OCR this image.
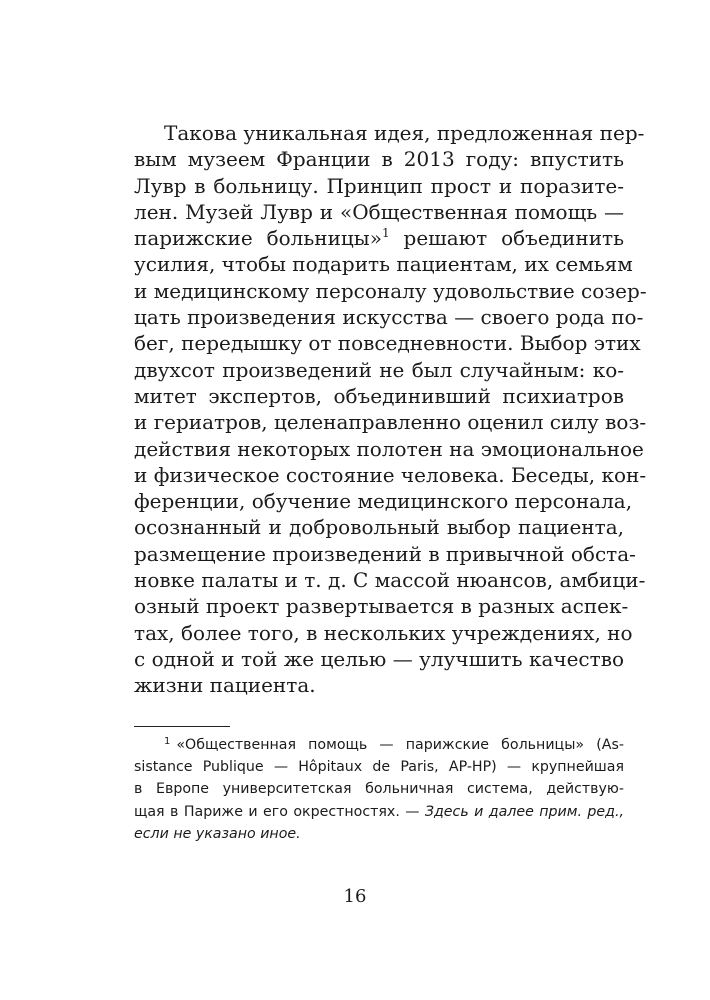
Такова уникальная идея, предложенная пер-
вым музеем Франции в 2013 году: впустить
Лувр в больницу. Принцип прост и поразите-
лен. Музей Лувр и «Общественная помощь —
парижские больницы»$^1$ решают объединить
усилия, чтобы подарить пациентам, их семьям
и медицинскому персоналу удовольствие созер-
цать произведения искусства — своего рода по-
бег, передышку от повседневности. Выбор этих
двухсот произведений не был случайным: ко-
митет экспертов, объединивший психиатров
и гериатров, целенаправленно оценил силу воз-
действия некоторых полотен на эмоциональное
и физическое состояние человека. Беседы, кон-
ференции, обучение медицинского персонала,
осознанный и добровольный выбор пациента,
размещение произведений в привычной обста-
новке палаты и т. д. С массой нюансов, амбици-
озный проект развертывается в разных аспек-
тах, более того, в нескольких учреждениях, но
с одной и той же целью — улучшить качество
жизни пациента.
$^1$ «Общественная помощь — парижские больницы» (As-
sistance Publique — Hôpitaux de Paris, AP-HP) — крупнейшая
в Европе университетская больничная система, действую-
щая в Париже и его окрестностях. — Здесь и далее прим. ред.,
если не указано иное.
16
